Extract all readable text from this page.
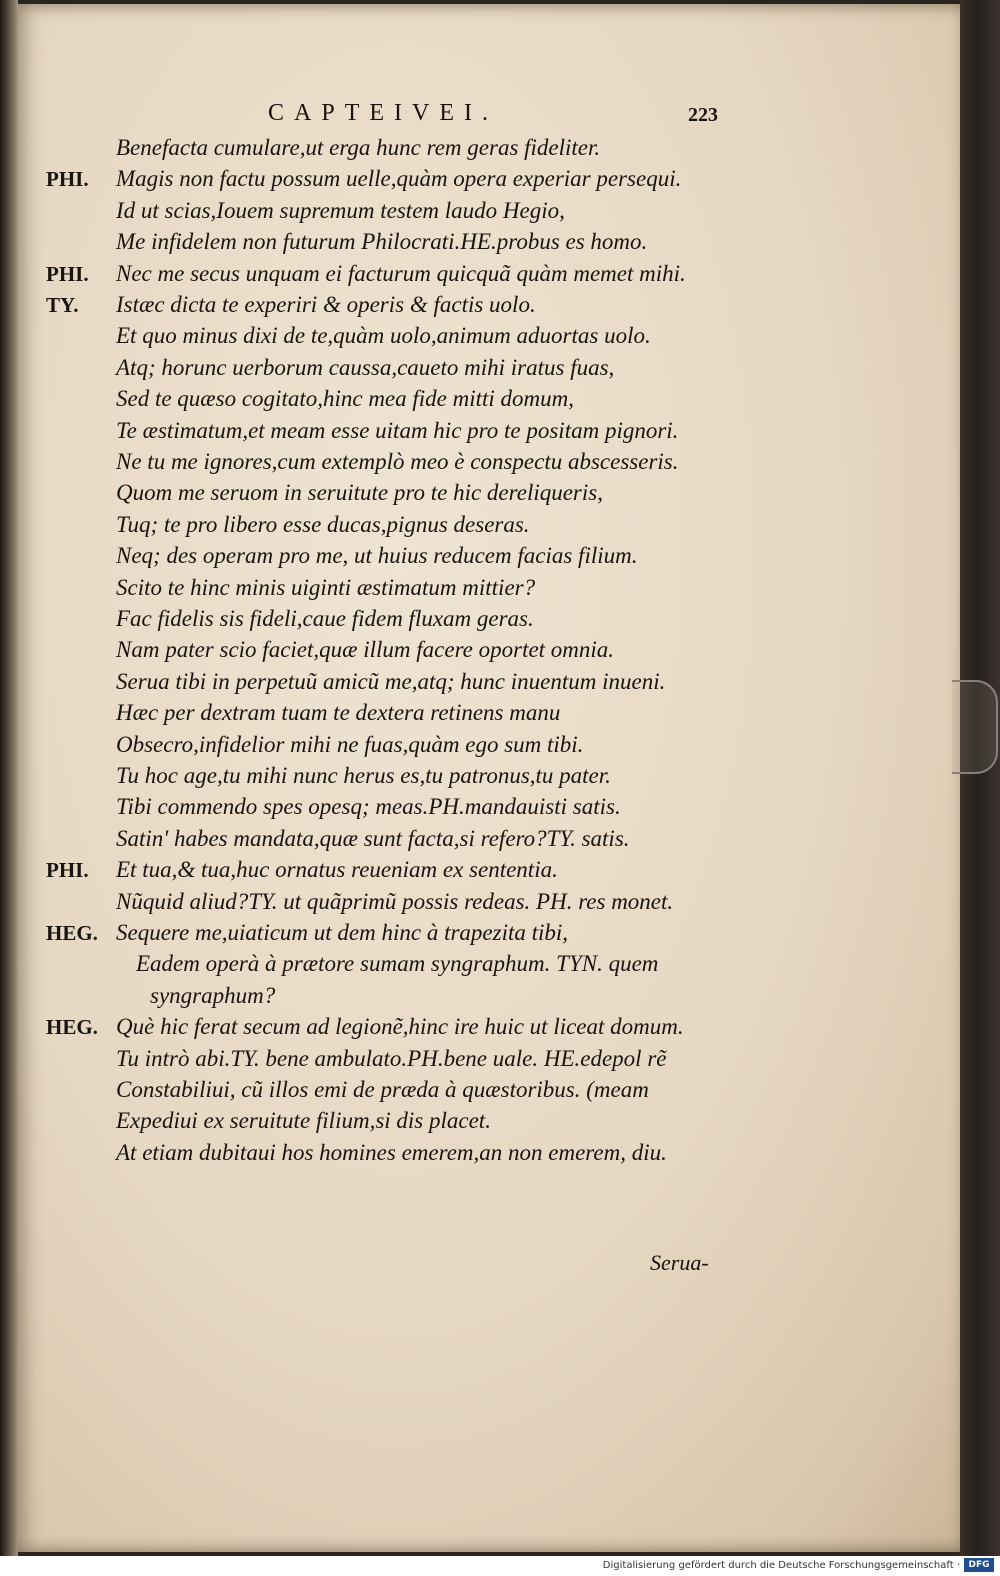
CAPTEIVEI.	223
Benefacta cumulare,ut erga hunc rem geras fideliter.
PHI. Magis non factu possum uelle,quàm opera experiar persequi.
Id ut scias,Iouem supremum testem laudo Hegio,
Me infidelem non futurum Philocrati.HE.probus es homo.
PHI. Nec me secus unquam ei facturum quicquã quàm memet mihi.
TY. Istæc dicta te experiri & operis & factis uolo.
Et quo minus dixi de te,quàm uolo,animum aduortas uolo.
Atq; horunc uerborum caussa,caueto mihi iratus fuas,
Sed te quæso cogitato,hinc mea fide mitti domum,
Te æstimatum,et meam esse uitam hic pro te positam pignori.
Ne tu me ignores,cum extemplò meo è conspectu abscesseris.
Quom me seruom in seruitute pro te hic dereliqueris,
Tuq; te pro libero esse ducas,pignus deseras.
Neq; des operam pro me, ut huius reducem facias filium.
Scito te hinc minis uiginti æstimatum mittier?
Fac fidelis sis fideli,caue fidem fluxam geras.
Nam pater scio faciet,quæ illum facere oportet omnia.
Serua tibi in perpetuũ amicũ me,atq; hunc inuentum inueni.
Hæc per dextram tuam te dextera retinens manu
Obsecro,infidelior mihi ne fuas,quàm ego sum tibi.
Tu hoc age,tu mihi nunc herus es,tu patronus,tu pater.
Tibi commendo spes opesq; meas.PH.mandauisti satis.
Satin' habes mandata,quæ sunt facta,si refero?TY. satis.
PHI. Et tua,& tua,huc ornatus reueniam ex sententia.
Nũquid aliud?TY. ut quãprimũ possis redeas. PH. res monet.
HEG. Sequere me,uiaticum ut dem hinc à trapezita tibi,
Eadem operà à prætore sumam syngraphum. TYN. quem
syngraphum?
HEG. Què hic ferat secum ad legionẽ,hinc ire huic ut liceat domum.
Tu intrò abi.TY. bene ambulato.PH.bene uale. HE.edepol rẽ
Constabiliui, cũ illos emi de præda à quæstoribus. (meam
Expediui ex seruitute filium,si dis placet.
At etiam dubitaui hos homines emerem,an non emerem, diu.
Serua-
Digitalisierung gefördert durch die Deutsche Forschungsgemeinschaft · DFG
